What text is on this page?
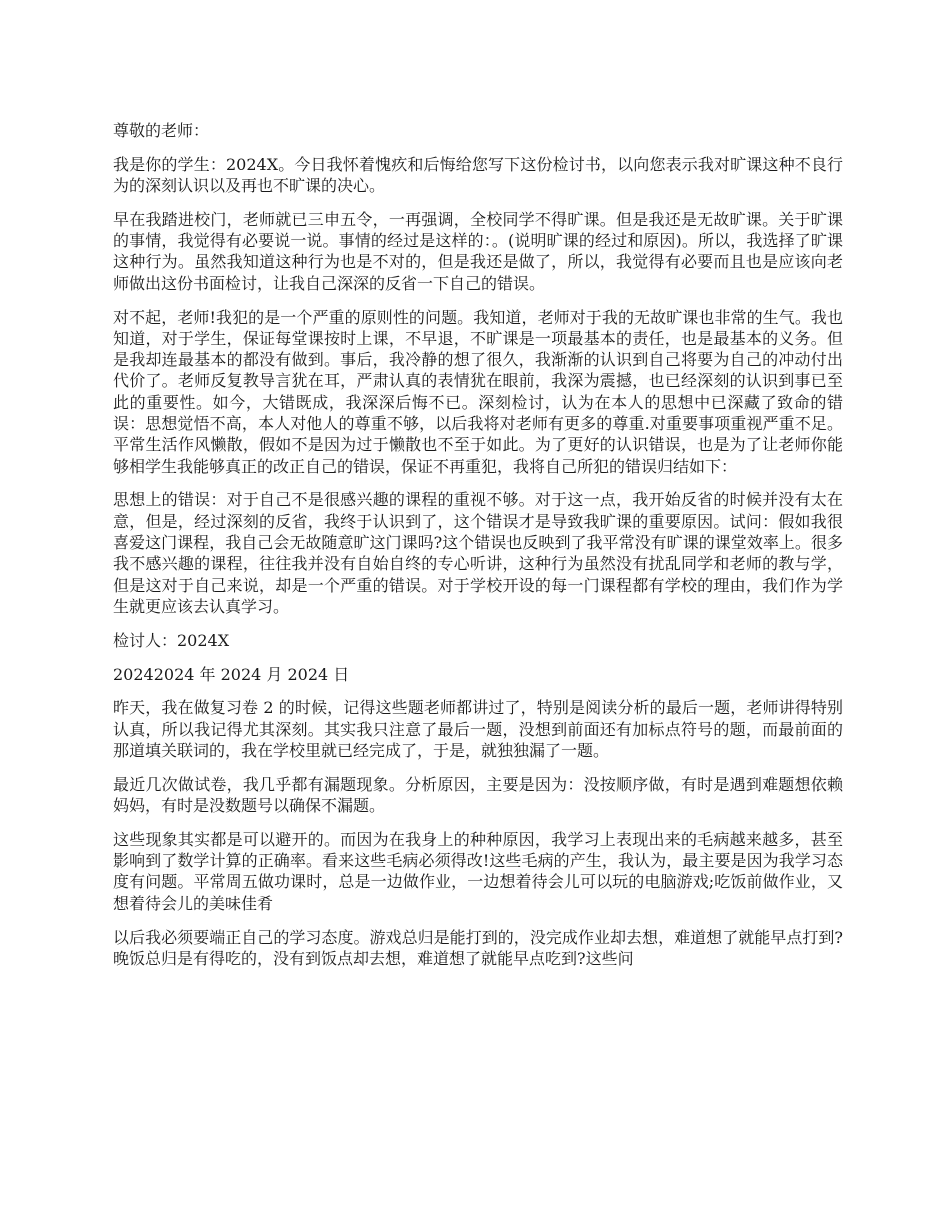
尊敬的老师：

我是你的学生：2024X。今日我怀着愧疚和后悔给您写下这份检讨书，以向您表示我对旷课这种不良行为的深刻认识以及再也不旷课的决心。

早在我踏进校门，老师就已三申五令，一再强调，全校同学不得旷课。但是我还是无故旷课。关于旷课的事情，我觉得有必要说一说。事情的经过是这样的：。(说明旷课的经过和原因)。所以，我选择了旷课这种行为。虽然我知道这种行为也是不对的，但是我还是做了，所以，我觉得有必要而且也是应该向老师做出这份书面检讨，让我自己深深的反省一下自己的错误。

对不起，老师!我犯的是一个严重的原则性的问题。我知道，老师对于我的无故旷课也非常的生气。我也知道，对于学生，保证每堂课按时上课，不早退，不旷课是一项最基本的责任，也是最基本的义务。但是我却连最基本的都没有做到。事后，我冷静的想了很久，我渐渐的认识到自己将要为自己的冲动付出代价了。老师反复教导言犹在耳，严肃认真的表情犹在眼前，我深为震撼，也已经深刻的认识到事已至此的重要性。如今，大错既成，我深深后悔不已。深刻检讨，认为在本人的思想中已深藏了致命的错误：思想觉悟不高，本人对他人的尊重不够，以后我将对老师有更多的尊重.对重要事项重视严重不足。平常生活作风懒散，假如不是因为过于懒散也不至于如此。为了更好的认识错误，也是为了让老师你能够相学生我能够真正的改正自己的错误，保证不再重犯，我将自己所犯的错误归结如下：

思想上的错误：对于自己不是很感兴趣的课程的重视不够。对于这一点，我开始反省的时候并没有太在意，但是，经过深刻的反省，我终于认识到了，这个错误才是导致我旷课的重要原因。试问：假如我很喜爱这门课程，我自己会无故随意旷这门课吗?这个错误也反映到了我平常没有旷课的课堂效率上。很多我不感兴趣的课程，往往我并没有自始自终的专心听讲，这种行为虽然没有扰乱同学和老师的教与学，但是这对于自己来说，却是一个严重的错误。对于学校开设的每一门课程都有学校的理由，我们作为学生就更应该去认真学习。

检讨人：2024X

20242024 年 2024 月 2024 日

昨天，我在做复习卷 2 的时候，记得这些题老师都讲过了，特别是阅读分析的最后一题，老师讲得特别认真，所以我记得尤其深刻。其实我只注意了最后一题，没想到前面还有加标点符号的题，而最前面的那道填关联词的，我在学校里就已经完成了，于是，就独独漏了一题。

最近几次做试卷，我几乎都有漏题现象。分析原因，主要是因为：没按顺序做，有时是遇到难题想依赖妈妈，有时是没数题号以确保不漏题。

这些现象其实都是可以避开的。而因为在我身上的种种原因，我学习上表现出来的毛病越来越多，甚至影响到了数学计算的正确率。看来这些毛病必须得改!这些毛病的产生，我认为，最主要是因为我学习态度有问题。平常周五做功课时，总是一边做作业，一边想着待会儿可以玩的电脑游戏;吃饭前做作业，又想着待会儿的美味佳肴

以后我必须要端正自己的学习态度。游戏总归是能打到的，没完成作业却去想，难道想了就能早点打到?晚饭总归是有得吃的，没有到饭点却去想，难道想了就能早点吃到?这些问
